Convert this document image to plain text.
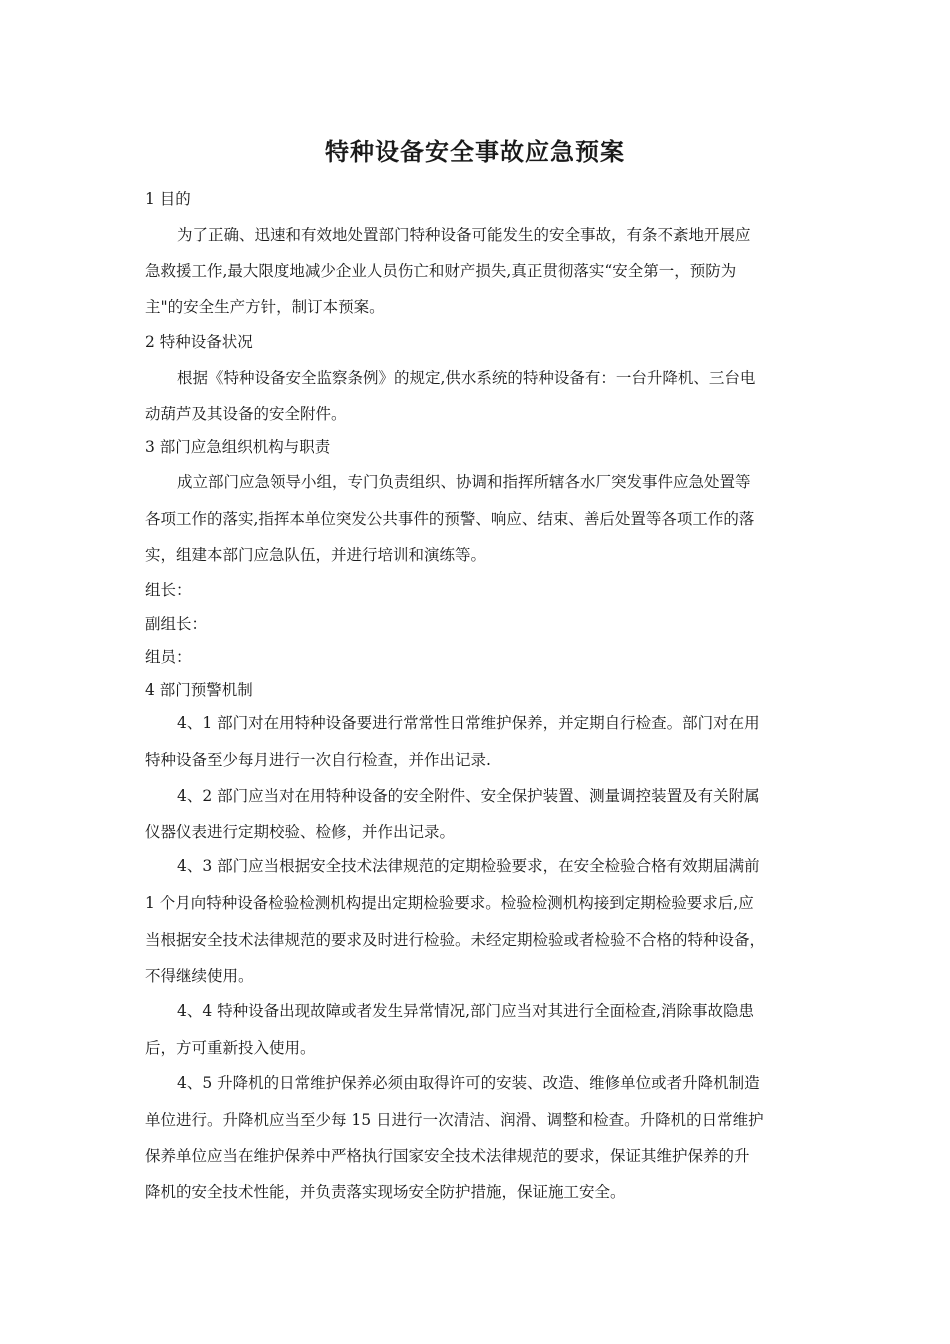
特种设备安全事故应急预案
1 目的
为了正确、迅速和有效地处置部门特种设备可能发生的安全事故，有条不紊地开展应
急救援工作,最大限度地减少企业人员伤亡和财产损失,真正贯彻落实“安全第一，预防为
主"的安全生产方针，制订本预案。
2 特种设备状况
根据《特种设备安全监察条例》的规定,供水系统的特种设备有：一台升降机、三台电
动葫芦及其设备的安全附件。
3 部门应急组织机构与职责
成立部门应急领导小组，专门负责组织、协调和指挥所辖各水厂突发事件应急处置等
各项工作的落实,指挥本单位突发公共事件的预警、响应、结束、善后处置等各项工作的落
实，组建本部门应急队伍，并进行培训和演练等。
组长：
副组长：
组员：
4 部门预警机制
4、1 部门对在用特种设备要进行常常性日常维护保养，并定期自行检查。部门对在用
特种设备至少每月进行一次自行检查，并作出记录.
4、2 部门应当对在用特种设备的安全附件、安全保护装置、测量调控装置及有关附属
仪器仪表进行定期校验、检修，并作出记录。
4、3 部门应当根据安全技术法律规范的定期检验要求，在安全检验合格有效期届满前
1 个月向特种设备检验检测机构提出定期检验要求。检验检测机构接到定期检验要求后,应
当根据安全技术法律规范的要求及时进行检验。未经定期检验或者检验不合格的特种设备，
不得继续使用。
4、4 特种设备出现故障或者发生异常情况,部门应当对其进行全面检查,消除事故隐患
后，方可重新投入使用。
4、5 升降机的日常维护保养必须由取得许可的安装、改造、维修单位或者升降机制造
单位进行。升降机应当至少每 15 日进行一次清洁、润滑、调整和检查。升降机的日常维护
保养单位应当在维护保养中严格执行国家安全技术法律规范的要求，保证其维护保养的升
降机的安全技术性能，并负责落实现场安全防护措施，保证施工安全。
